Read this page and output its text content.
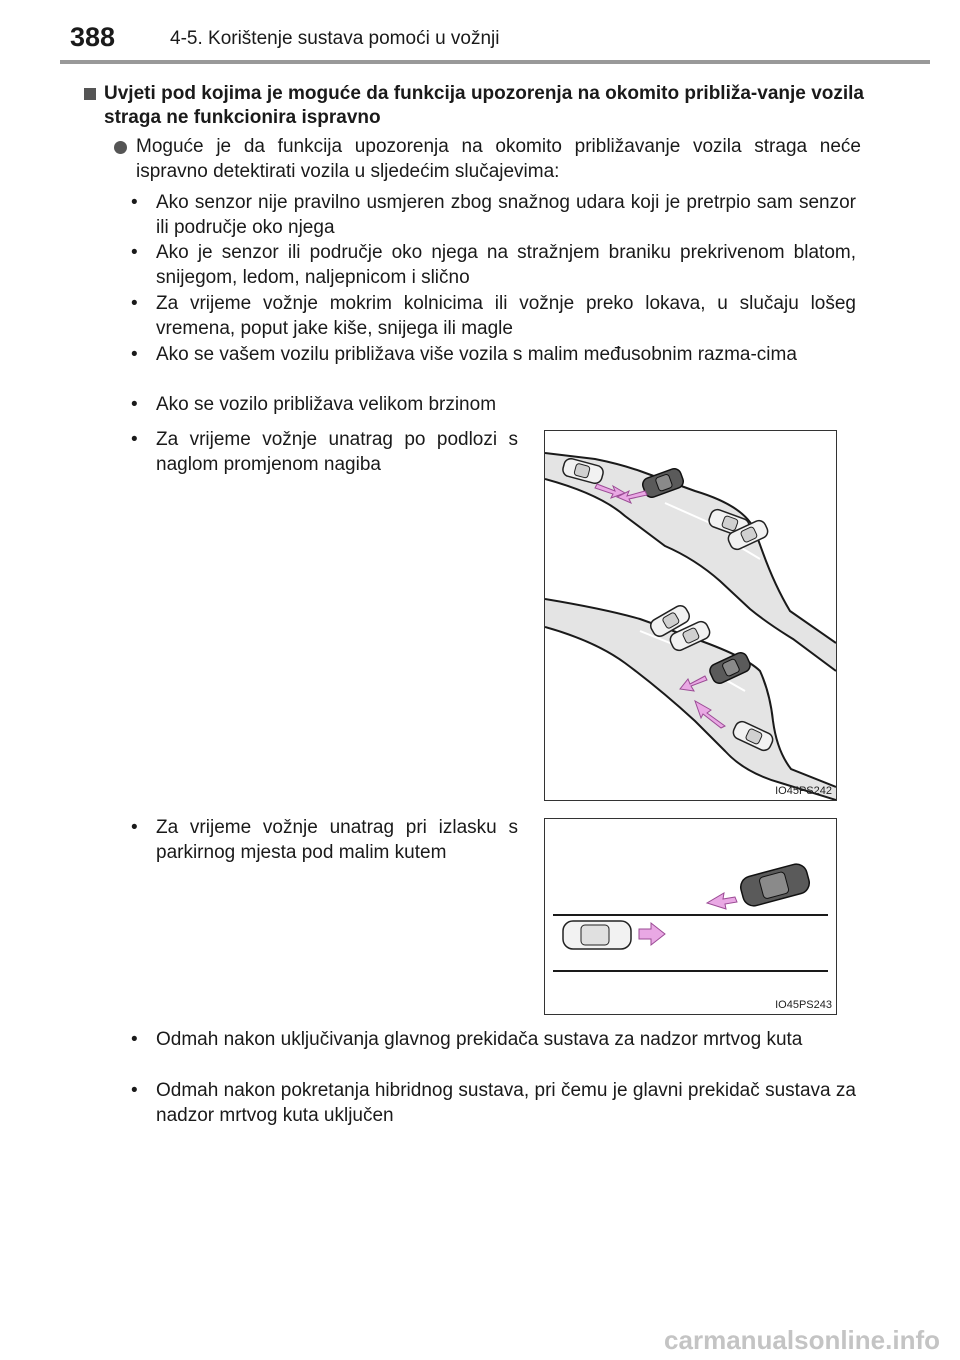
388	4-5. Korištenje sustava pomoći u vožnji
Uvjeti pod kojima je moguće da funkcija upozorenja na okomito približa-vanje vozila straga ne funkcionira ispravno
Moguće je da funkcija upozorenja na okomito približavanje vozila straga neće ispravno detektirati vozila u sljedećim slučajevima:
• Ako senzor nije pravilno usmjeren zbog snažnog udara koji je pretrpio sam senzor ili područje oko njega
• Ako je senzor ili područje oko njega na stražnjem braniku prekrivenom blatom, snijegom, ledom, naljepnicom i slično
• Za vrijeme vožnje mokrim kolnicima ili vožnje preko lokava, u slučaju lošeg vremena, poput jake kiše, snijega ili magle
• Ako se vašem vozilu približava više vozila s malim međusobnim razma-cima
• Ako se vozilo približava velikom brzinom
• Za vrijeme vožnje unatrag po podlozi s naglom promjenom nagiba
IO45PS242
• Za vrijeme vožnje unatrag pri izlasku s parkirnog mjesta pod malim kutem
IO45PS243
• Odmah nakon uključivanja glavnog prekidača sustava za nadzor mrtvog kuta
• Odmah nakon pokretanja hibridnog sustava, pri čemu je glavni prekidač sustava za nadzor mrtvog kuta uključen
carmanualsonline.info
